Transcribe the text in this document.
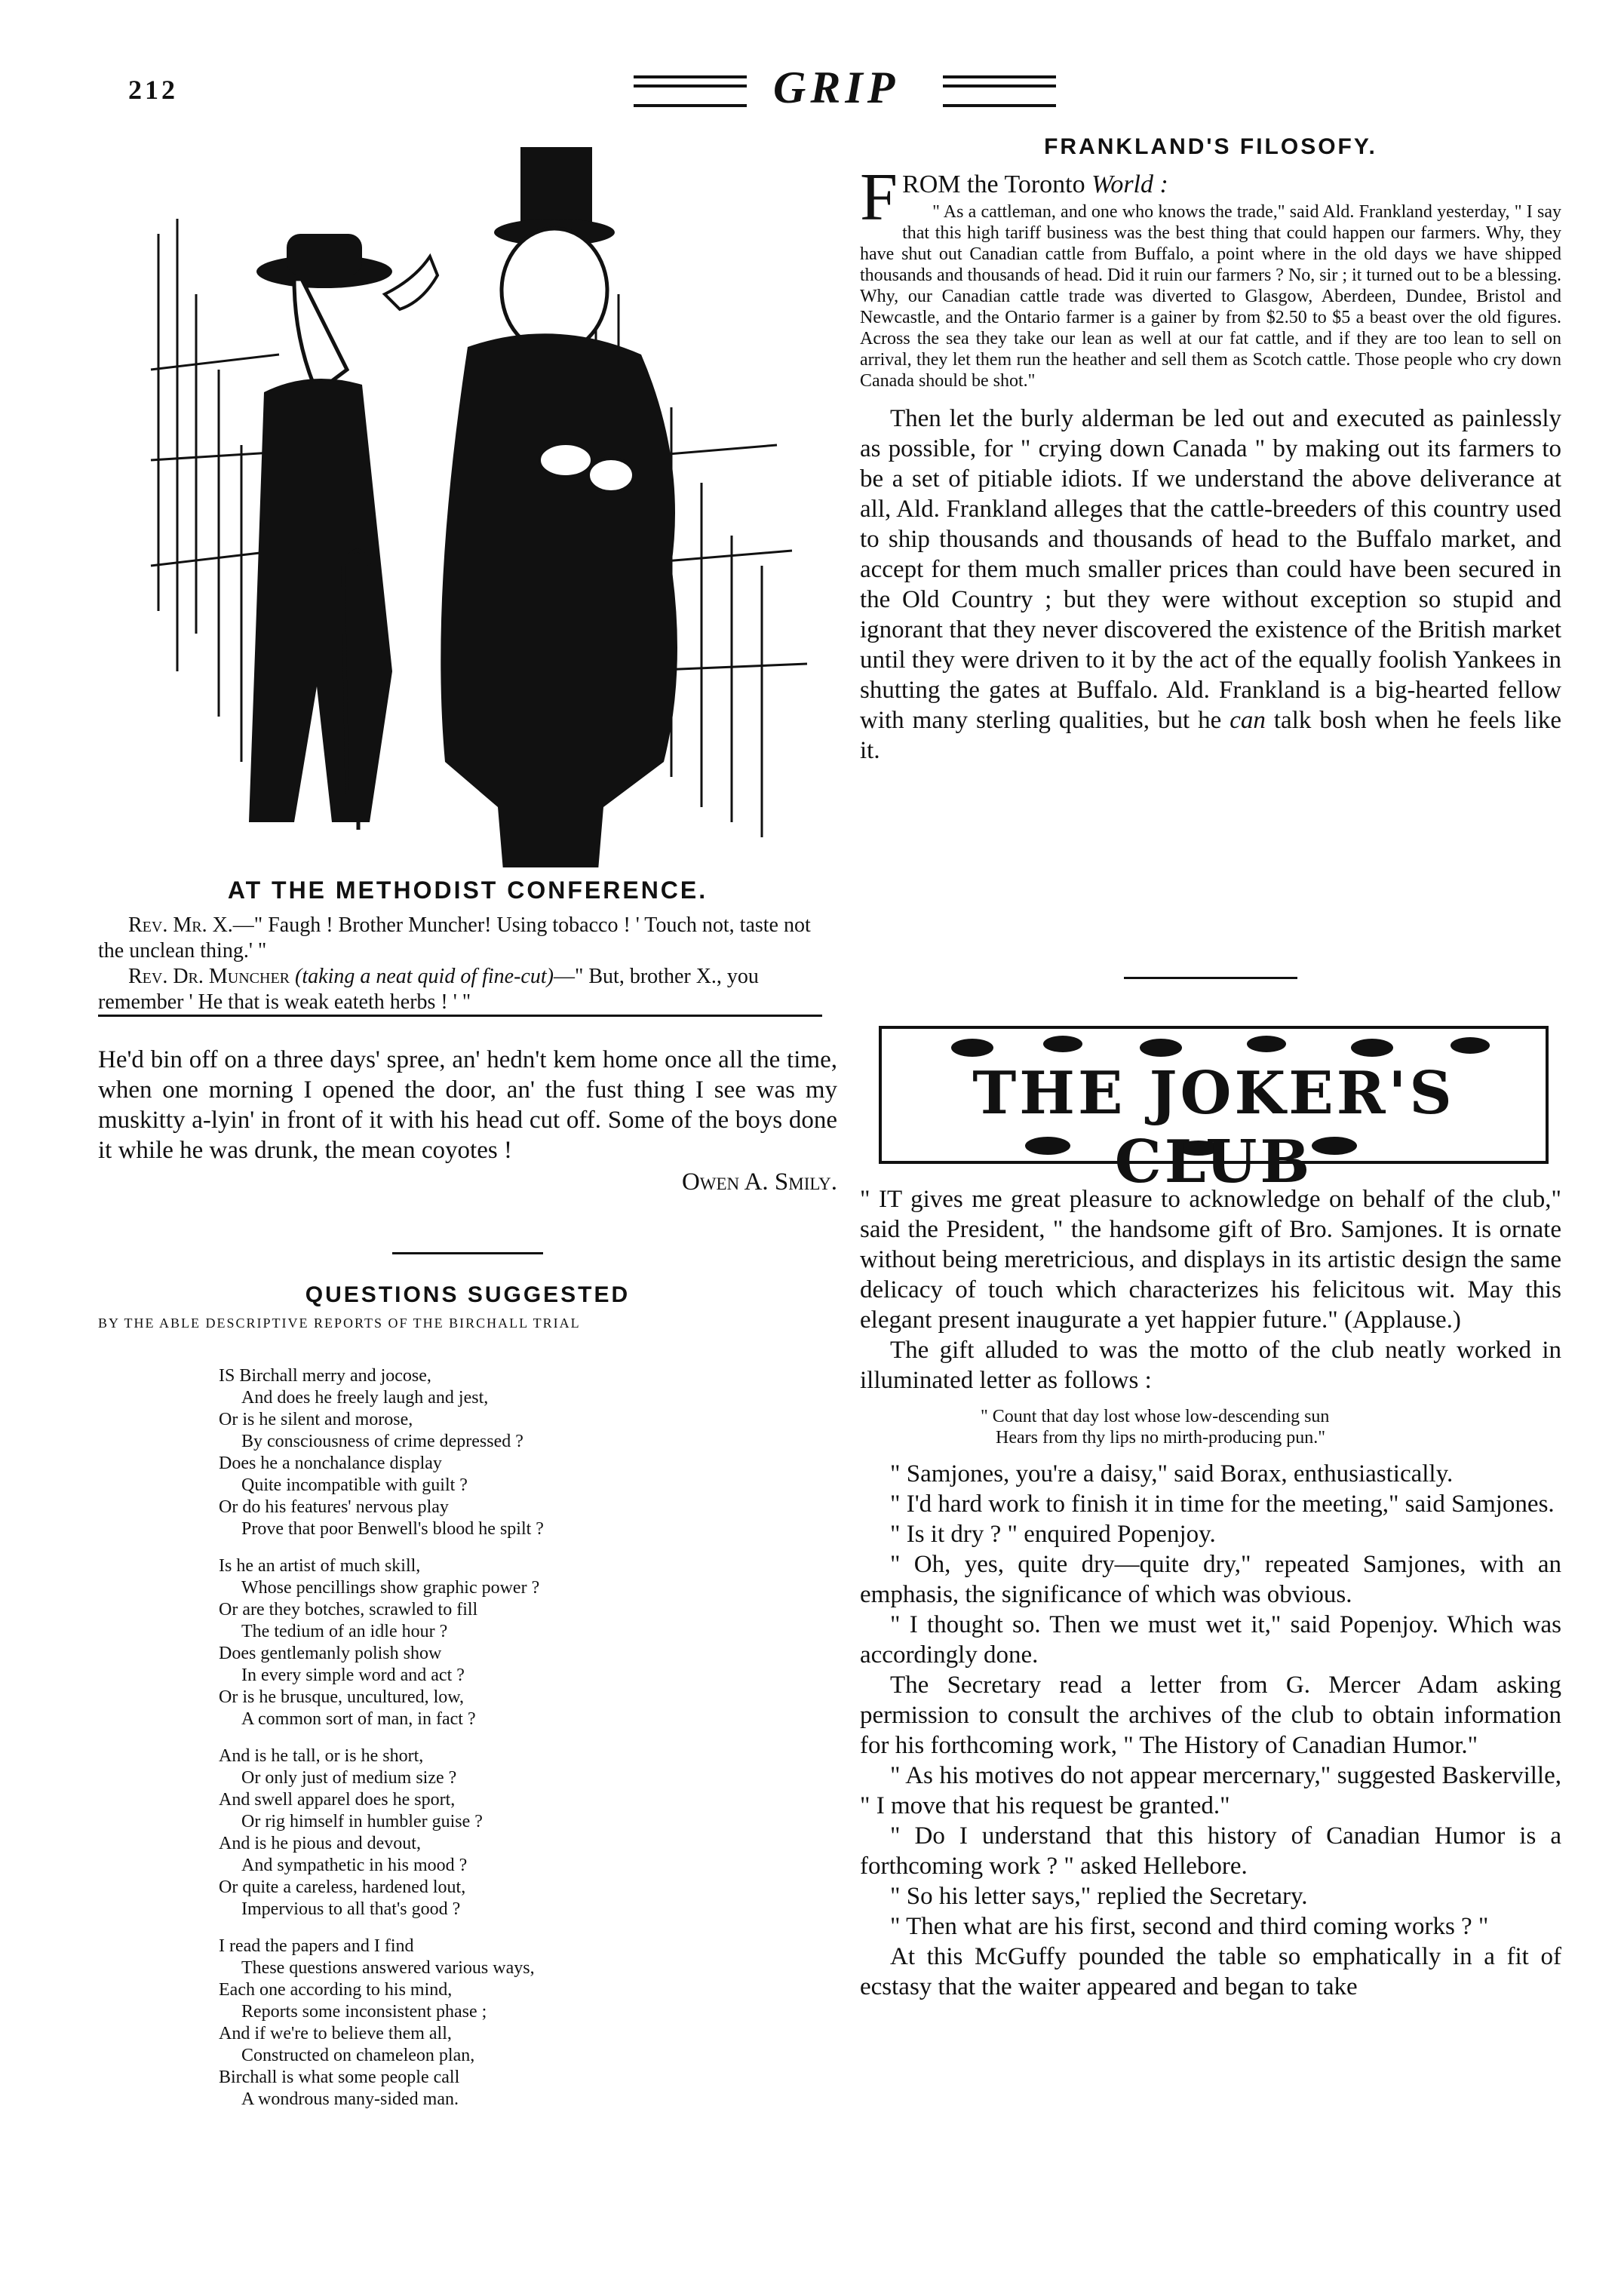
212	GRIP
AT THE METHODIST CONFERENCE.

Rev. Mr. X.—" Faugh ! Brother Muncher! Using tobacco ! ' Touch not, taste not the unclean thing.' "

Rev. Dr. Muncher (taking a neat quid of fine-cut)—" But, brother X., you remember ' He that is weak eateth herbs ! ' "

He'd bin off on a three days' spree, an' hedn't kem home once all the time, when one morning I opened the door, an' the fust thing I see was my muskitty a-lyin' in front of it with his head cut off. Some of the boys done it while he was drunk, the mean coyotes !

Owen A. Smily.

QUESTIONS SUGGESTED
BY THE ABLE DESCRIPTIVE REPORTS OF THE BIRCHALL TRIAL
IS Birchall merry and jocose,
And does he freely laugh and jest,
Or is he silent and morose,
By consciousness of crime depressed ?
Does he a nonchalance display
Quite incompatible with guilt ?
Or do his features' nervous play
Prove that poor Benwell's blood he spilt ?
Is he an artist of much skill,
Whose pencillings show graphic power ?
Or are they botches, scrawled to fill
The tedium of an idle hour ?
Does gentlemanly polish show
In every simple word and act ?
Or is he brusque, uncultured, low,
A common sort of man, in fact ?
And is he tall, or is he short,
Or only just of medium size ?
And swell apparel does he sport,
Or rig himself in humbler guise ?
And is he pious and devout,
And sympathetic in his mood ?
Or quite a careless, hardened lout,
Impervious to all that's good ?
I read the papers and I find
These questions answered various ways,
Each one according to his mind,
Reports some inconsistent phase ;
And if we're to believe them all,
Constructed on chameleon plan,
Birchall is what some people call
A wondrous many-sided man.
FRANKLAND'S FILOSOFY.
FROM the Toronto World :

" As a cattleman, and one who knows the trade," said Ald. Frankland yesterday, " I say that this high tariff business was the best thing that could happen our farmers. Why, they have shut out Canadian cattle from Buffalo, a point where in the old days we have shipped thousands and thousands of head. Did it ruin our farmers ? No, sir ; it turned out to be a blessing. Why, our Canadian cattle trade was diverted to Glasgow, Aberdeen, Dundee, Bristol and Newcastle, and the Ontario farmer is a gainer by from $2.50 to $5 a beast over the old figures. Across the sea they take our lean as well at our fat cattle, and if they are too lean to sell on arrival, they let them run the heather and sell them as Scotch cattle. Those people who cry down Canada should be shot."

Then let the burly alderman be led out and executed as painlessly as possible, for " crying down Canada " by making out its farmers to be a set of pitiable idiots. If we understand the above deliverance at all, Ald. Frankland alleges that the cattle-breeders of this country used to ship thousands and thousands of head to the Buffalo market, and accept for them much smaller prices than could have been secured in the Old Country ; but they were without exception so stupid and ignorant that they never discovered the existence of the British market until they were driven to it by the act of the equally foolish Yankees in shutting the gates at Buffalo. Ald. Frankland is a big-hearted fellow with many sterling qualities, but he can talk bosh when he feels like it.

THE JOKER'S CLUB

" IT gives me great pleasure to acknowledge on behalf of the club," said the President, " the handsome gift of Bro. Samjones. It is ornate without being meretricious, and displays in its artistic design the same delicacy of touch which characterizes his felicitous wit. May this elegant present inaugurate a yet happier future." (Applause.)

The gift alluded to was the motto of the club neatly worked in illuminated letter as follows :

" Count that day lost whose low-descending sun
Hears from thy lips no mirth-producing pun."

" Samjones, you're a daisy," said Borax, enthusiastically.

" I'd hard work to finish it in time for the meeting," said Samjones.

" Is it dry ? " enquired Popenjoy.

" Oh, yes, quite dry—quite dry," repeated Samjones, with an emphasis, the significance of which was obvious.

" I thought so. Then we must wet it," said Popenjoy. Which was accordingly done.

The Secretary read a letter from G. Mercer Adam asking permission to consult the archives of the club to obtain information for his forthcoming work, " The History of Canadian Humor."

" As his motives do not appear mercernary," suggested Baskerville, " I move that his request be granted."

" Do I understand that this history of Canadian Humor is a forthcoming work ? " asked Hellebore.

" So his letter says," replied the Secretary.

" Then what are his first, second and third coming works ? "

At this McGuffy pounded the table so emphatically in a fit of ecstasy that the waiter appeared and began to take
